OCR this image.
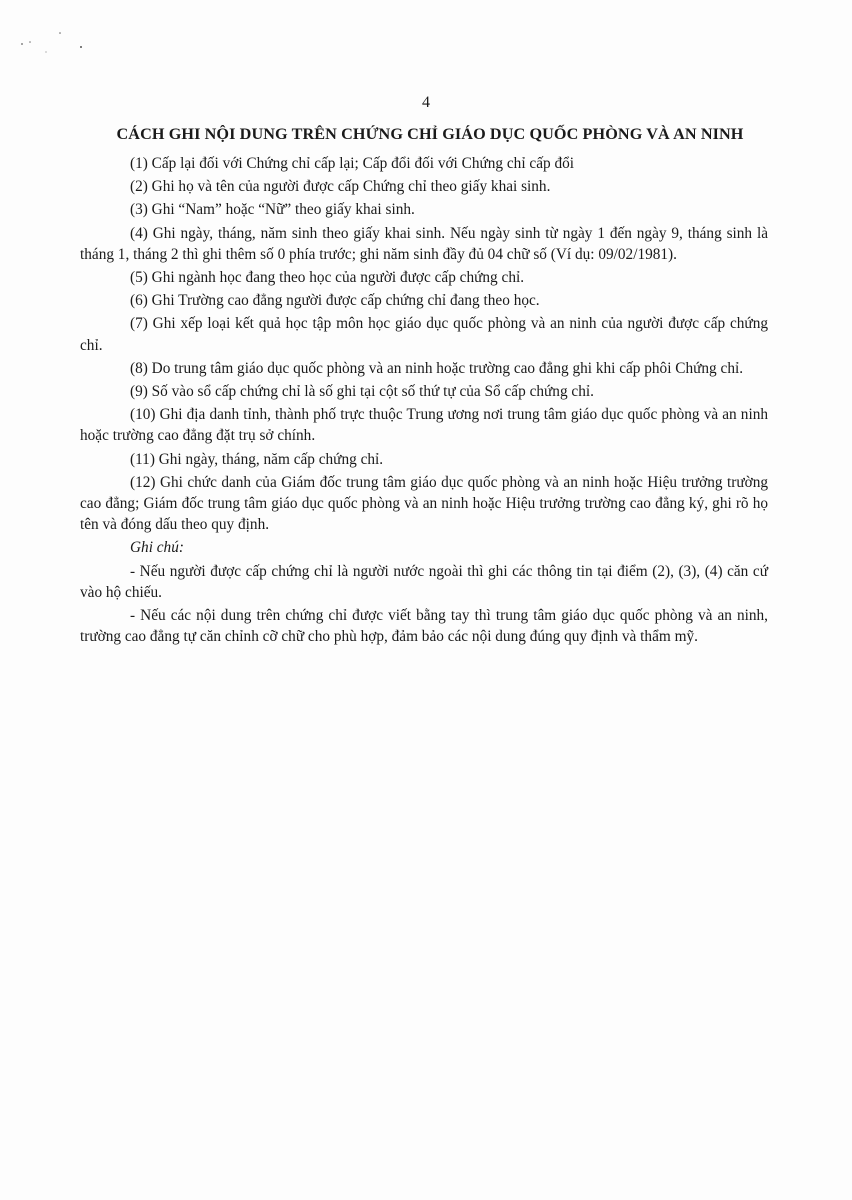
4
CÁCH GHI NỘI DUNG TRÊN CHỨNG CHỈ GIÁO DỤC QUỐC PHÒNG VÀ AN NINH

(1) Cấp lại đối với Chứng chỉ cấp lại; Cấp đổi đối với Chứng chỉ cấp đổi

(2) Ghi họ và tên của người được cấp Chứng chỉ theo giấy khai sinh.

(3) Ghi “Nam” hoặc “Nữ” theo giấy khai sinh.

(4) Ghi ngày, tháng, năm sinh theo giấy khai sinh. Nếu ngày sinh từ ngày 1 đến ngày 9, tháng sinh là tháng 1, tháng 2 thì ghi thêm số 0 phía trước; ghi năm sinh đầy đủ 04 chữ số (Ví dụ: 09/02/1981).

(5) Ghi ngành học đang theo học của người được cấp chứng chỉ.

(6) Ghi Trường cao đẳng người được cấp chứng chỉ đang theo học.

(7) Ghi xếp loại kết quả học tập môn học giáo dục quốc phòng và an ninh của người được cấp chứng chỉ.

(8) Do trung tâm giáo dục quốc phòng và an ninh hoặc trường cao đẳng ghi khi cấp phôi Chứng chỉ.

(9) Số vào sổ cấp chứng chỉ là số ghi tại cột số thứ tự của Sổ cấp chứng chỉ.

(10) Ghi địa danh tỉnh, thành phố trực thuộc Trung ương nơi trung tâm giáo dục quốc phòng và an ninh hoặc trường cao đẳng đặt trụ sở chính.

(11) Ghi ngày, tháng, năm cấp chứng chỉ.

(12) Ghi chức danh của Giám đốc trung tâm giáo dục quốc phòng và an ninh hoặc Hiệu trưởng trường cao đẳng; Giám đốc trung tâm giáo dục quốc phòng và an ninh hoặc Hiệu trưởng trường cao đẳng ký, ghi rõ họ tên và đóng dấu theo quy định.

Ghi chú:

- Nếu người được cấp chứng chỉ là người nước ngoài thì ghi các thông tin tại điểm (2), (3), (4) căn cứ vào hộ chiếu.

- Nếu các nội dung trên chứng chỉ được viết bằng tay thì trung tâm giáo dục quốc phòng và an ninh, trường cao đẳng tự căn chỉnh cỡ chữ cho phù hợp, đảm bảo các nội dung đúng quy định và thẩm mỹ.
